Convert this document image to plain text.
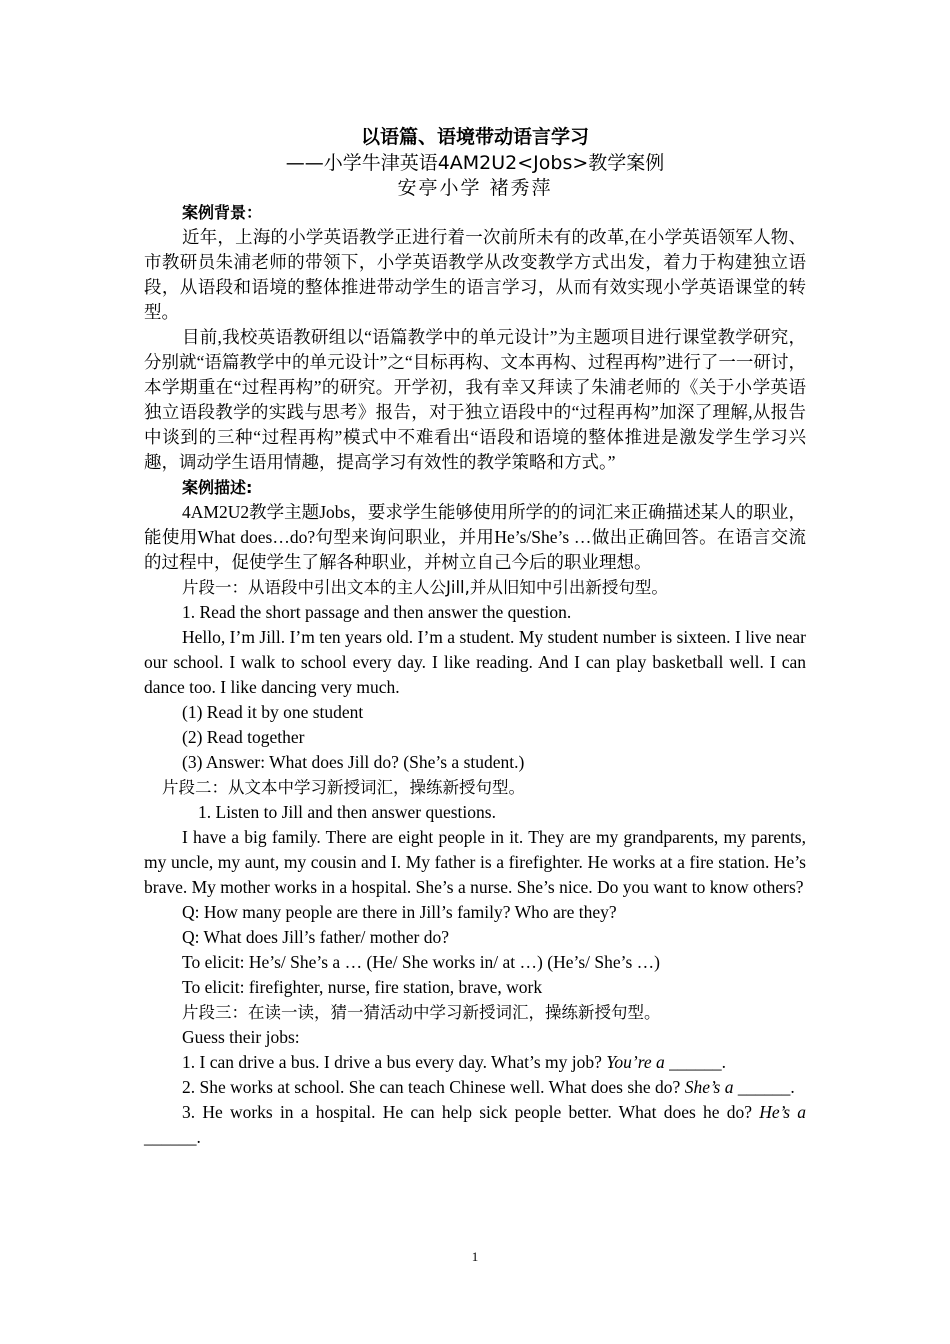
以语篇、语境带动语言学习
——小学牛津英语4AM2U2<Jobs>教学案例
安亭小学 褚秀萍
案例背景：
近年，上海的小学英语教学正进行着一次前所未有的改革,在小学英语领军人物、市教研员朱浦老师的带领下，小学英语教学从改变教学方式出发，着力于构建独立语段，从语段和语境的整体推进带动学生的语言学习，从而有效实现小学英语课堂的转型。
目前,我校英语教研组以“语篇教学中的单元设计”为主题项目进行课堂教学研究，分别就“语篇教学中的单元设计”之“目标再构、文本再构、过程再构”进行了一一研讨，本学期重在“过程再构”的研究。开学初，我有幸又拜读了朱浦老师的《关于小学英语独立语段教学的实践与思考》报告，对于独立语段中的“过程再构”加深了理解,从报告中谈到的三种“过程再构”模式中不难看出“语段和语境的整体推进是激发学生学习兴趣，调动学生语用情趣，提高学习有效性的教学策略和方式。”
案例描述:
4AM2U2教学主题Jobs，要求学生能够使用所学的的词汇来正确描述某人的职业，能使用What does…do?句型来询问职业，并用He’s/She’s …做出正确回答。在语言交流的过程中，促使学生了解各种职业，并树立自己今后的职业理想。
片段一：从语段中引出文本的主人公Jill,并从旧知中引出新授句型。
1. Read the short passage and then answer the question.
Hello, I’m Jill. I’m ten years old. I’m a student. My student number is sixteen. I live near our school. I walk to school every day. I like reading. And I can play basketball well. I can dance too. I like dancing very much.
(1) Read it by one student
(2) Read together
(3) Answer: What does Jill do? (She’s a student.)
片段二：从文本中学习新授词汇，操练新授句型。
1. Listen to Jill and then answer questions.
I have a big family. There are eight people in it. They are my grandparents, my parents, my uncle, my aunt, my cousin and I. My father is a firefighter. He works at a fire station. He’s brave. My mother works in a hospital. She’s a nurse. She’s nice. Do you want to know others?
Q: How many people are there in Jill’s family? Who are they?
Q: What does Jill’s father/ mother do?
To elicit: He’s/ She’s a … (He/ She works in/ at …) (He’s/ She’s …)
To elicit: firefighter, nurse, fire station, brave, work
片段三：在读一读，猜一猜活动中学习新授词汇，操练新授句型。
Guess their jobs:
1. I can drive a bus. I drive a bus every day. What’s my job? You’re a ______.
2. She works at school. She can teach Chinese well. What does she do? She’s a ______.
3. He works in a hospital. He can help sick people better. What does he do? He’s a ______.
1
